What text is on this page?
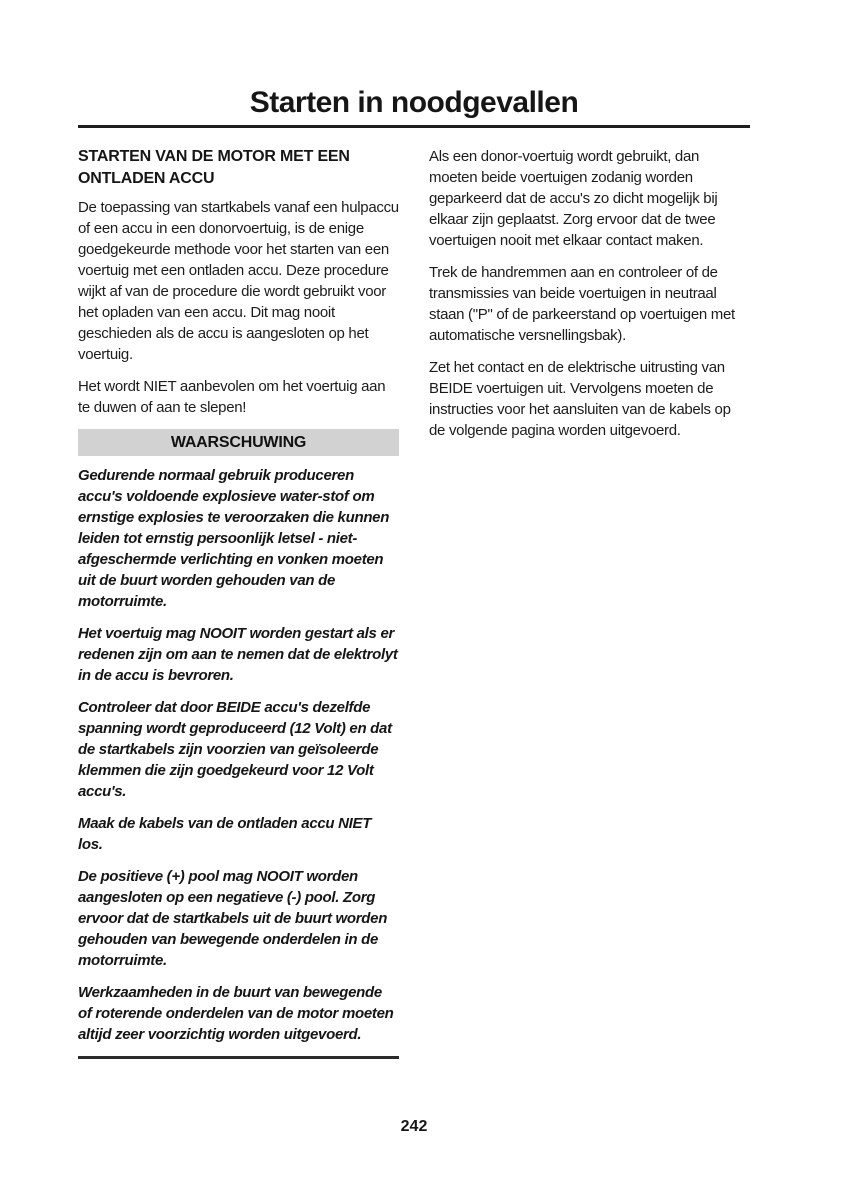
Starten in noodgevallen
STARTEN VAN DE MOTOR MET EEN ONTLADEN ACCU

De toepassing van startkabels vanaf een hulpaccu of een accu in een donorvoertuig, is de enige goedgekeurde methode voor het starten van een voertuig met een ontladen accu. Deze procedure wijkt af van de procedure die wordt gebruikt voor het opladen van een accu. Dit mag nooit geschieden als de accu is aangesloten op het voertuig.

Het wordt NIET aanbevolen om het voertuig aan te duwen of aan te slepen!

WAARSCHUWING

Gedurende normaal gebruik produceren accu's voldoende explosieve water-stof om ernstige explosies te veroorzaken die kunnen leiden tot ernstig persoonlijk letsel - niet-afgeschermde verlichting en vonken moeten uit de buurt worden gehouden van de motorruimte.

Het voertuig mag NOOIT worden gestart als er redenen zijn om aan te nemen dat de elektrolyt in de accu is bevroren.

Controleer dat door BEIDE accu's dezelfde spanning wordt geproduceerd (12 Volt) en dat de startkabels zijn voorzien van geïsoleerde klemmen die zijn goedgekeurd voor 12 Volt accu's.

Maak de kabels van de ontladen accu NIET los.

De positieve (+) pool mag NOOIT worden aangesloten op een negatieve (-) pool. Zorg ervoor dat de startkabels uit de buurt worden gehouden van bewegende onderdelen in de motorruimte.

Werkzaamheden in de buurt van bewegende of roterende onderdelen van de motor moeten altijd zeer voorzichtig worden uitgevoerd.

Als een donor-voertuig wordt gebruikt, dan moeten beide voertuigen zodanig worden geparkeerd dat de accu's zo dicht mogelijk bij elkaar zijn geplaatst. Zorg ervoor dat de twee voertuigen nooit met elkaar contact maken.

Trek de handremmen aan en controleer of de transmissies van beide voertuigen in neutraal staan ("P" of de parkeerstand op voertuigen met automatische versnellingsbak).

Zet het contact en de elektrische uitrusting van BEIDE voertuigen uit. Vervolgens moeten de instructies voor het aansluiten van de kabels op de volgende pagina worden uitgevoerd.

242
